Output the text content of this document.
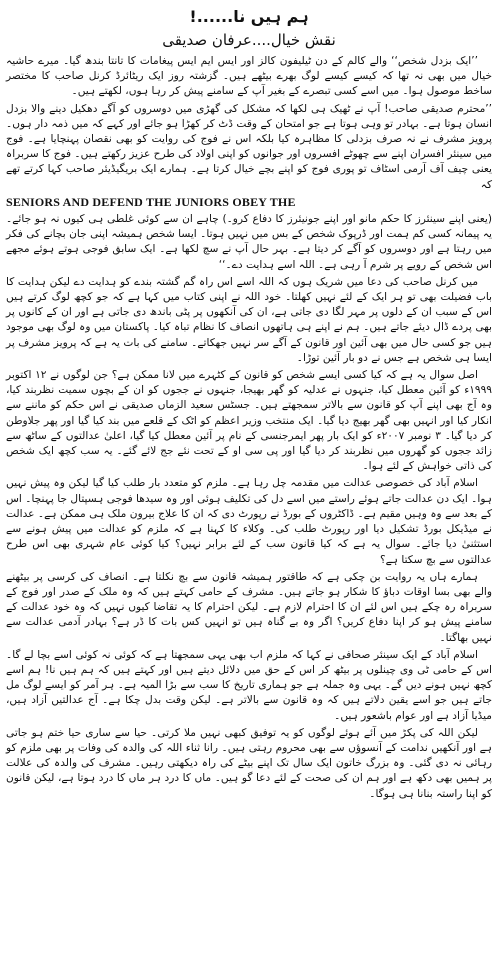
ہم ہیں نا......!
نقش خیال....عرفان صدیقی

’’ایک بزدل شخص‘‘ والے کالم کے دن ٹیلیفون کالز اور ایس ایم ایس پیغامات کا تانتا بندھ گیا۔ میرے حاشیہ خیال میں بھی نہ تھا کہ کیسے کیسے لوگ بھرے بیٹھے ہیں۔ گزشتہ روز ایک ریٹائرڈ کرنل صاحب کا مختصر ساخط موصول ہوا۔ میں اسے کسی تبصرے کے بغیر آپ کے سامنے پیش کر رہا ہوں، لکھتے ہیں۔

’’محترم صدیقی صاحب! آپ نے ٹھیک ہی لکھا کہ مشکل کی گھڑی میں دوسروں کو آگے دھکیل دینے والا بزدل انسان ہوتا ہے۔ بہادر تو وہی ہوتا ہے جو امتحان کے وقت ڈٹ کر کھڑا ہو جائے اور کہے کہ میں ذمہ دار ہوں۔ پرویز مشرف نے نہ صرف بزدلی کا مظاہرہ کیا بلکہ اس نے فوج کی روایت کو بھی نقصان پہنچایا ہے۔ فوج میں سینئر افسران اپنے سے چھوٹے افسروں اور جوانوں کو اپنی اولاد کی طرح عزیز رکھتے ہیں۔ فوج کا سربراہ یعنی چیف آف آرمی اسٹاف تو پوری فوج کو اپنے بچے خیال کرتا ہے۔ ہمارے ایک بریگیڈیئر صاحب کہا کرتے تھے کہ

SENIORS AND DEFEND THE JUNIORS OBEY THE

(یعنی اپنے سینئرز کا حکم مانو اور اپنے جونیئرز کا دفاع کرو۔) چاہے ان سے کوئی غلطی ہی کیوں نہ ہو جائے۔ یہ پیمانہ کسی کم ہمت اور ڈرپوک شخص کے بس میں نہیں ہوتا۔ ایسا شخص ہمیشہ اپنی جان بچانے کی فکر میں رہتا ہے اور دوسروں کو آگے کر دیتا ہے۔ بہر حال آپ نے سچ لکھا ہے۔ ایک سابق فوجی ہوتے ہوئے مجھے اس شخص کے رویے پر شرم آ رہی ہے۔ اللہ اسے ہدایت دے۔‘‘

میں کرنل صاحب کی دعا میں شریک ہوں کہ اللہ اسے اس راہ گم گشتہ بندے کو ہدایت دے لیکن ہدایت کا باب فضیلت بھی تو ہر ایک کے لئے نہیں کھلتا۔ خود اللہ نے اپنی کتاب میں کہا ہے کہ جو کچھ لوگ کرتے ہیں اس کے سبب ان کے دلوں پر مہر لگا دی جاتی ہے، ان کی آنکھوں پر پٹی باندھ دی جاتی ہے اور ان کے کانوں پر بھی پردے ڈال دیئے جاتے ہیں۔ ہم نے اپنے ہی ہاتھوں انصاف کا نظام تباہ کیا۔ پاکستان میں وہ لوگ بھی موجود ہیں جو کسی حال میں بھی آئین اور قانون کے آگے سر نہیں جھکاتے۔ سامنے کی بات یہ ہے کہ پرویز مشرف پر ایسا ہی شخص ہے جس نے دو بار آئین توڑا۔

اصل سوال یہ ہے کہ کیا کسی ایسے شخص کو قانون کے کٹہرے میں لانا ممکن ہے؟ جن لوگوں نے ۱۲ اکتوبر ۱۹۹۹ء کو آئین معطل کیا، جنہوں نے عدلیہ کو گھر بھیجا، جنہوں نے ججوں کو ان کے بچوں سمیت نظربند کیا، وہ آج بھی اپنے آپ کو قانون سے بالاتر سمجھتے ہیں۔ جسٹس سعید الزماں صدیقی نے اس حکم کو ماننے سے انکار کیا اور انہیں بھی گھر بھیج دیا گیا۔ ایک منتخب وزیر اعظم کو اٹک کے قلعے میں بند کیا گیا اور پھر جلاوطن کر دیا گیا۔ ۳ نومبر ۲۰۰۷ء کو ایک بار پھر ایمرجنسی کے نام پر آئین معطل کیا گیا، اعلیٰ عدالتوں کے ساٹھ سے زائد ججوں کو گھروں میں نظربند کر دیا گیا اور پی سی او کے تحت نئے جج لائے گئے۔ یہ سب کچھ ایک شخص کی ذاتی خواہش کے لئے ہوا۔

اسلام آباد کی خصوصی عدالت میں مقدمہ چل رہا ہے۔ ملزم کو متعدد بار طلب کیا گیا لیکن وہ پیش نہیں ہوا۔ ایک دن عدالت جاتے ہوئے راستے میں اسے دل کی تکلیف ہوئی اور وہ سیدھا فوجی ہسپتال جا پہنچا۔ اس کے بعد سے وہ وہیں مقیم ہے۔ ڈاکٹروں کے بورڈ نے رپورٹ دی کہ ان کا علاج بیرون ملک ہی ممکن ہے۔ عدالت نے میڈیکل بورڈ تشکیل دیا اور رپورٹ طلب کی۔ وکلاء کا کہنا ہے کہ ملزم کو عدالت میں پیش ہونے سے استثنیٰ دیا جائے۔ سوال یہ ہے کہ کیا قانون سب کے لئے برابر نہیں؟ کیا کوئی عام شہری بھی اس طرح عدالتوں سے بچ سکتا ہے؟

ہمارے ہاں یہ روایت بن چکی ہے کہ طاقتور ہمیشہ قانون سے بچ نکلتا ہے۔ انصاف کی کرسی پر بیٹھنے والے بھی بسا اوقات دباؤ کا شکار ہو جاتے ہیں۔ مشرف کے حامی کہتے ہیں کہ وہ ملک کے صدر اور فوج کے سربراہ رہ چکے ہیں اس لئے ان کا احترام لازم ہے۔ لیکن احترام کا یہ تقاضا کیوں نہیں کہ وہ خود عدالت کے سامنے پیش ہو کر اپنا دفاع کریں؟ اگر وہ بے گناہ ہیں تو انہیں کس بات کا ڈر ہے؟ بہادر آدمی عدالت سے نہیں بھاگتا۔

اسلام آباد کے ایک سینئر صحافی نے کہا کہ ملزم اب بھی یہی سمجھتا ہے کہ کوئی نہ کوئی اسے بچا لے گا۔ اس کے حامی ٹی وی چینلوں پر بیٹھ کر اس کے حق میں دلائل دیتے ہیں اور کہتے ہیں کہ ہم ہیں نا! ہم اسے کچھ نہیں ہونے دیں گے۔ یہی وہ جملہ ہے جو ہماری تاریخ کا سب سے بڑا المیہ ہے۔ ہر آمر کو ایسے لوگ مل جاتے ہیں جو اسے یقین دلاتے ہیں کہ وہ قانون سے بالاتر ہے۔ لیکن وقت بدل چکا ہے۔ آج عدالتیں آزاد ہیں، میڈیا آزاد ہے اور عوام باشعور ہیں۔

لیکن اللہ کی پکڑ میں آئے ہوئے لوگوں کو یہ توفیق کبھی نہیں ملا کرتی۔ حیا سے ساری حیا ختم ہو جاتی ہے اور آنکھیں ندامت کے آنسوؤں سے بھی محروم رہتی ہیں۔ رانا ثناء اللہ کی والدہ کی وفات پر بھی ملزم کو رہائی نہ دی گئی۔ وہ بزرگ خاتون ایک سال تک اپنے بیٹے کی راہ دیکھتی رہیں۔ مشرف کی والدہ کی علالت پر ہمیں بھی دکھ ہے اور ہم ان کی صحت کے لئے دعا گو ہیں۔ ماں کا درد ہر ماں کا درد ہوتا ہے، لیکن قانون کو اپنا راستہ بنانا ہی ہوگا۔
